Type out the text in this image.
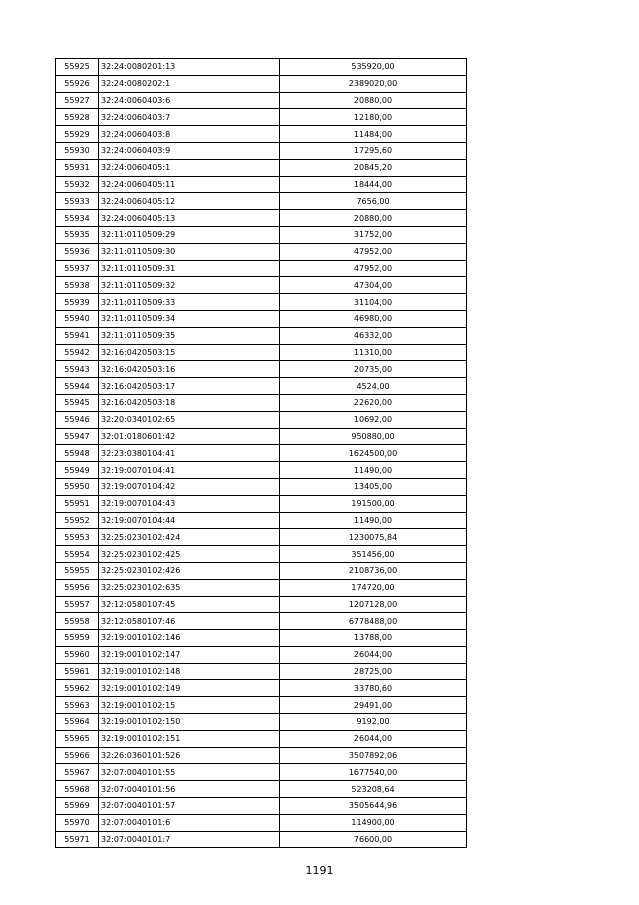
55925	32:24:0080201:13	535920,00
55926	32:24:0080202:1	2389020,00
55927	32:24:0060403:6	20880,00
55928	32:24:0060403:7	12180,00
55929	32:24:0060403:8	11484,00
55930	32:24:0060403:9	17295,60
55931	32:24:0060405:1	20845,20
55932	32:24:0060405:11	18444,00
55933	32:24:0060405:12	7656,00
55934	32:24:0060405:13	20880,00
55935	32:11:0110509:29	31752,00
55936	32:11:0110509:30	47952,00
55937	32:11:0110509:31	47952,00
55938	32:11:0110509:32	47304,00
55939	32:11:0110509:33	31104,00
55940	32:11:0110509:34	46980,00
55941	32:11:0110509:35	46332,00
55942	32:16:0420503:15	11310,00
55943	32:16:0420503:16	20735,00
55944	32:16:0420503:17	4524,00
55945	32:16:0420503:18	22620,00
55946	32:20:0340102:65	10692,00
55947	32:01:0180601:42	950880,00
55948	32:23:0380104:41	1624500,00
55949	32:19:0070104:41	11490,00
55950	32:19:0070104:42	13405,00
55951	32:19:0070104:43	191500,00
55952	32:19:0070104:44	11490,00
55953	32:25:0230102:424	1230075,84
55954	32:25:0230102:425	351456,00
55955	32:25:0230102:426	2108736,00
55956	32:25:0230102:635	174720,00
55957	32:12:0580107:45	1207128,00
55958	32:12:0580107:46	6778488,00
55959	32:19:0010102:146	13788,00
55960	32:19:0010102:147	26044,00
55961	32:19:0010102:148	28725,00
55962	32:19:0010102:149	33780,60
55963	32:19:0010102:15	29491,00
55964	32:19:0010102:150	9192,00
55965	32:19:0010102:151	26044,00
55966	32:26:0360101:526	3507892,06
55967	32:07:0040101:55	1677540,00
55968	32:07:0040101:56	523208,64
55969	32:07:0040101:57	3505644,96
55970	32:07:0040101:6	114900,00
55971	32:07:0040101:7	76600,00
1191
